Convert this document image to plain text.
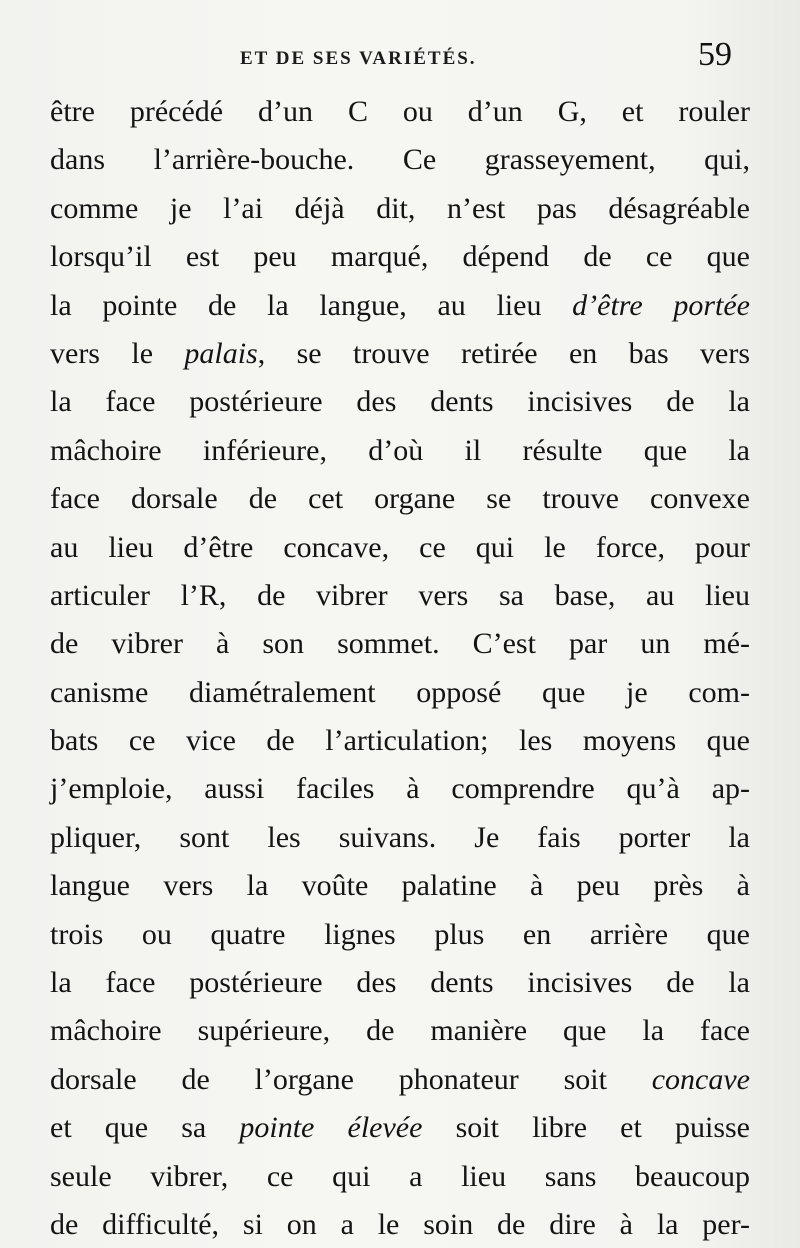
ET DE SES VARIÉTÉS.	59
être précédé d’un C ou d’un G, et rouler
dans l’arrière-bouche. Ce grasseyement, qui,
comme je l’ai déjà dit, n’est pas désagréable
lorsqu’il est peu marqué, dépend de ce que
la pointe de la langue, au lieu d’être portée
vers le palais, se trouve retirée en bas vers
la face postérieure des dents incisives de la
mâchoire inférieure, d’où il résulte que la
face dorsale de cet organe se trouve convexe
au lieu d’être concave, ce qui le force, pour
articuler l’R, de vibrer vers sa base, au lieu
de vibrer à son sommet. C’est par un mé-
canisme diamétralement opposé que je com-
bats ce vice de l’articulation; les moyens que
j’emploie, aussi faciles à comprendre qu’à ap-
pliquer, sont les suivans. Je fais porter la
langue vers la voûte palatine à peu près à
trois ou quatre lignes plus en arrière que
la face postérieure des dents incisives de la
mâchoire supérieure, de manière que la face
dorsale de l’organe phonateur soit concave
et que sa pointe élevée soit libre et puisse
seule vibrer, ce qui a lieu sans beaucoup
de difficulté, si on a le soin de dire à la per-
